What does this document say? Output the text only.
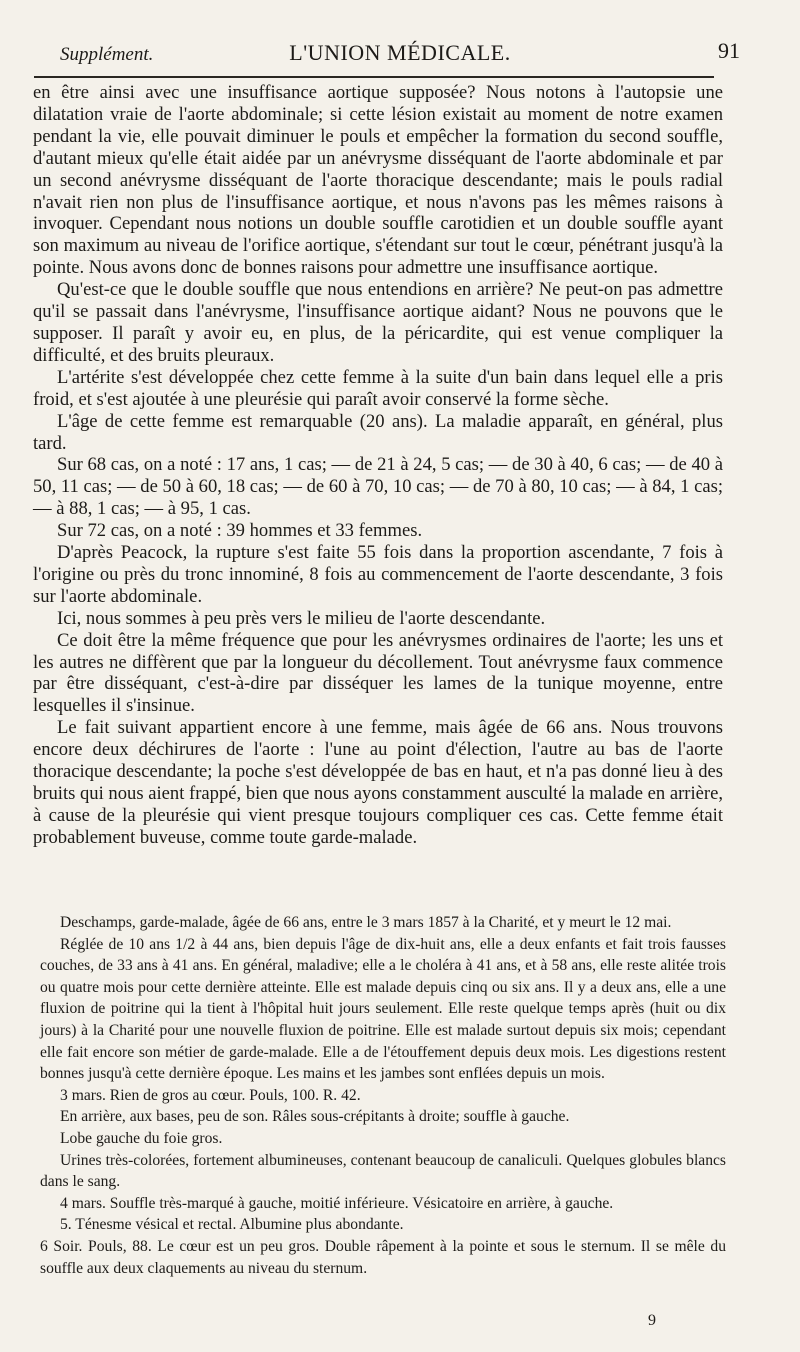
Supplément.	L'UNION MÉDICALE.	91

en être ainsi avec une insuffisance aortique supposée? Nous notons à l'autopsie une dilatation vraie de l'aorte abdominale; si cette lésion existait au moment de notre examen pendant la vie, elle pouvait diminuer le pouls et empêcher la formation du second souffle, d'autant mieux qu'elle était aidée par un anévrysme disséquant de l'aorte abdominale et par un second anévrysme disséquant de l'aorte thoracique descendante; mais le pouls radial n'avait rien non plus de l'insuffisance aortique, et nous n'avons pas les mêmes raisons à invoquer. Cependant nous notions un double souffle carotidien et un double souffle ayant son maximum au niveau de l'orifice aortique, s'étendant sur tout le cœur, pénétrant jusqu'à la pointe. Nous avons donc de bonnes raisons pour admettre une insuffisance aortique.

Qu'est-ce que le double souffle que nous entendions en arrière? Ne peut-on pas admettre qu'il se passait dans l'anévrysme, l'insuffisance aortique aidant? Nous ne pouvons que le supposer. Il paraît y avoir eu, en plus, de la péricardite, qui est venue compliquer la difficulté, et des bruits pleuraux.

L'artérite s'est développée chez cette femme à la suite d'un bain dans lequel elle a pris froid, et s'est ajoutée à une pleurésie qui paraît avoir conservé la forme sèche.

L'âge de cette femme est remarquable (20 ans). La maladie apparaît, en général, plus tard.

Sur 68 cas, on a noté : 17 ans, 1 cas; — de 21 à 24, 5 cas; — de 30 à 40, 6 cas; — de 40 à 50, 11 cas; — de 50 à 60, 18 cas; — de 60 à 70, 10 cas; — de 70 à 80, 10 cas; — à 84, 1 cas; — à 88, 1 cas; — à 95, 1 cas.

Sur 72 cas, on a noté : 39 hommes et 33 femmes.

D'après Peacock, la rupture s'est faite 55 fois dans la proportion ascendante, 7 fois à l'origine ou près du tronc innominé, 8 fois au commencement de l'aorte descendante, 3 fois sur l'aorte abdominale.

Ici, nous sommes à peu près vers le milieu de l'aorte descendante.

Ce doit être la même fréquence que pour les anévrysmes ordinaires de l'aorte; les uns et les autres ne diffèrent que par la longueur du décollement. Tout anévrysme faux commence par être disséquant, c'est-à-dire par disséquer les lames de la tunique moyenne, entre lesquelles il s'insinue.

Le fait suivant appartient encore à une femme, mais âgée de 66 ans. Nous trouvons encore deux déchirures de l'aorte : l'une au point d'élection, l'autre au bas de l'aorte thoracique descendante; la poche s'est développée de bas en haut, et n'a pas donné lieu à des bruits qui nous aient frappé, bien que nous ayons constamment ausculté la malade en arrière, à cause de la pleurésie qui vient presque toujours compliquer ces cas. Cette femme était probablement buveuse, comme toute garde-malade.

Deschamps, garde-malade, âgée de 66 ans, entre le 3 mars 1857 à la Charité, et y meurt le 12 mai.

Réglée de 10 ans 1/2 à 44 ans, bien depuis l'âge de dix-huit ans, elle a deux enfants et fait trois fausses couches, de 33 ans à 41 ans. En général, maladive; elle a le choléra à 41 ans, et à 58 ans, elle reste alitée trois ou quatre mois pour cette dernière atteinte. Elle est malade depuis cinq ou six ans. Il y a deux ans, elle a une fluxion de poitrine qui la tient à l'hôpital huit jours seulement. Elle reste quelque temps après (huit ou dix jours) à la Charité pour une nouvelle fluxion de poitrine. Elle est malade surtout depuis six mois; cependant elle fait encore son métier de garde-malade. Elle a de l'étouffement depuis deux mois. Les digestions restent bonnes jusqu'à cette dernière époque. Les mains et les jambes sont enflées depuis un mois.

3 mars. Rien de gros au cœur. Pouls, 100. R. 42.

En arrière, aux bases, peu de son. Râles sous-crépitants à droite; souffle à gauche.

Lobe gauche du foie gros.

Urines très-colorées, fortement albumineuses, contenant beaucoup de canaliculi. Quelques globules blancs dans le sang.

4 mars. Souffle très-marqué à gauche, moitié inférieure. Vésicatoire en arrière, à gauche.

5. Ténesme vésical et rectal. Albumine plus abondante.

6 Soir. Pouls, 88. Le cœur est un peu gros. Double râpement à la pointe et sous le sternum. Il se mêle du souffle aux deux claquements au niveau du sternum.

9
